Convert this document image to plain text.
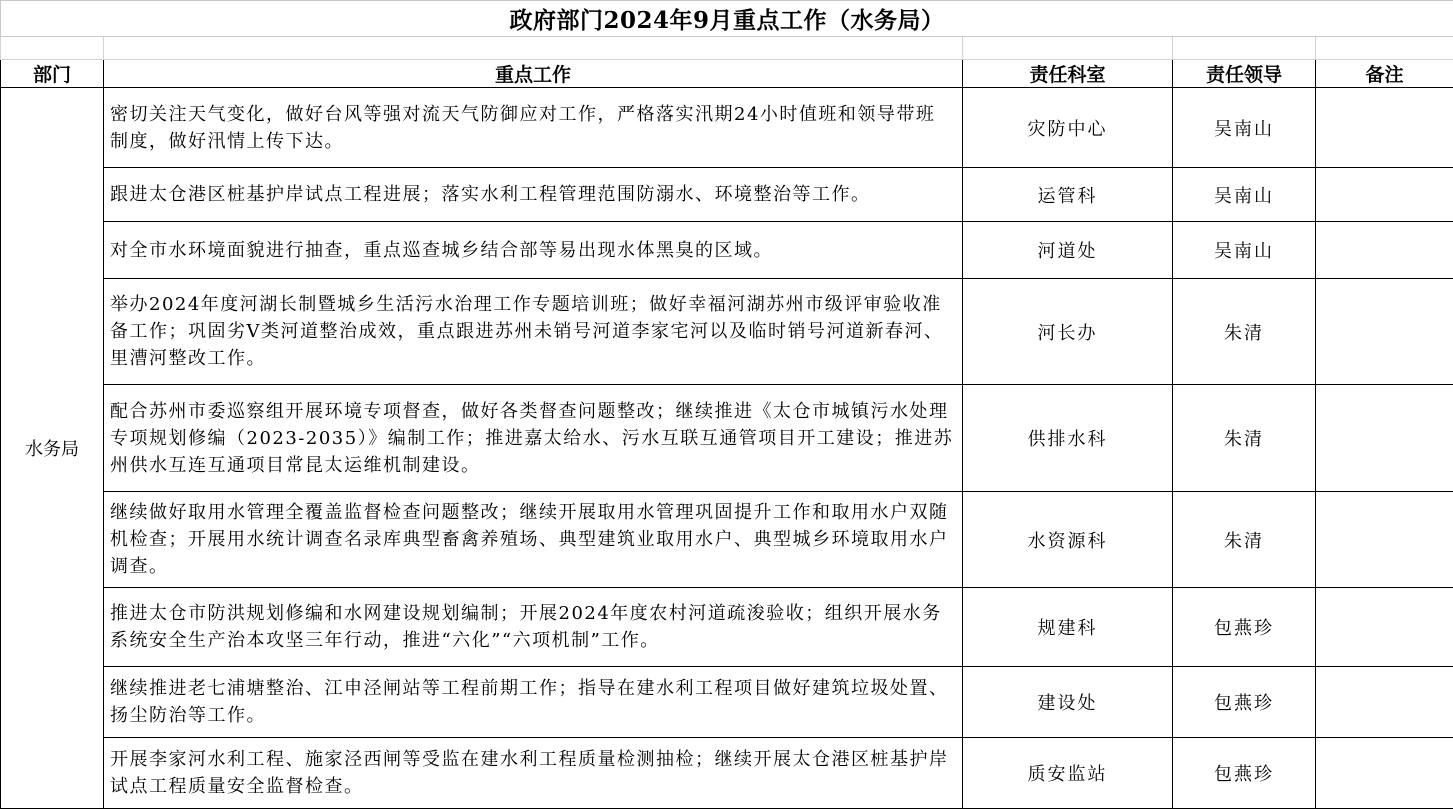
政府部门2024年9月重点工作（水务局）				

部门	重点工作	责任科室	责任领导	备注
水务局	密切关注天气变化，做好台风等强对流天气防御应对工作，严格落实汛期24小时值班和领导带班制度，做好汛情上传下达。	灾防中心	吴南山	
	跟进太仓港区桩基护岸试点工程进展；落实水利工程管理范围防溺水、环境整治等工作。	运管科	吴南山	
	对全市水环境面貌进行抽查，重点巡查城乡结合部等易出现水体黑臭的区域。	河道处	吴南山	
	举办2024年度河湖长制暨城乡生活污水治理工作专题培训班；做好幸福河湖苏州市级评审验收准备工作；巩固劣V类河道整治成效，重点跟进苏州未销号河道李家宅河以及临时销号河道新春河、里漕河整改工作。	河长办	朱清	
	配合苏州市委巡察组开展环境专项督查，做好各类督查问题整改；继续推进《太仓市城镇污水处理专项规划修编（2023-2035）》编制工作；推进嘉太给水、污水互联互通管项目开工建设；推进苏州供水互连互通项目常昆太运维机制建设。	供排水科	朱清	
	继续做好取用水管理全覆盖监督检查问题整改；继续开展取用水管理巩固提升工作和取用水户双随机检查；开展用水统计调查名录库典型畜禽养殖场、典型建筑业取用水户、典型城乡环境取用水户调查。	水资源科	朱清	
	推进太仓市防洪规划修编和水网建设规划编制；开展2024年度农村河道疏浚验收；组织开展水务系统安全生产治本攻坚三年行动，推进“六化”“六项机制”工作。	规建科	包燕珍	
	继续推进老七浦塘整治、江申泾闸站等工程前期工作；指导在建水利工程项目做好建筑垃圾处置、扬尘防治等工作。	建设处	包燕珍	
	开展李家河水利工程、施家泾西闸等受监在建水利工程质量检测抽检；继续开展太仓港区桩基护岸试点工程质量安全监督检查。	质安监站	包燕珍	
